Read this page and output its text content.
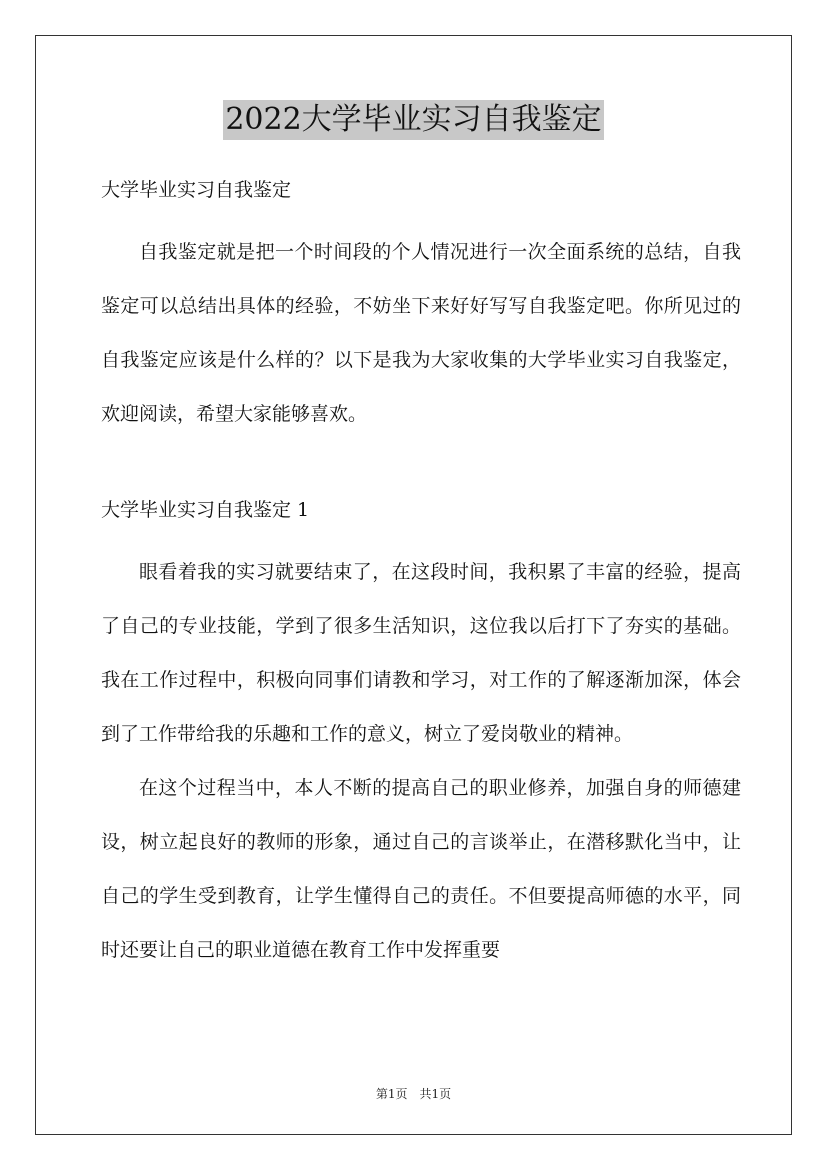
2022大学毕业实习自我鉴定

大学毕业实习自我鉴定

自我鉴定就是把一个时间段的个人情况进行一次全面系统的总结，自我鉴定可以总结出具体的经验，不妨坐下来好好写写自我鉴定吧。你所见过的自我鉴定应该是什么样的？以下是我为大家收集的大学毕业实习自我鉴定，欢迎阅读，希望大家能够喜欢。

大学毕业实习自我鉴定 1

眼看着我的实习就要结束了，在这段时间，我积累了丰富的经验，提高了自己的专业技能，学到了很多生活知识，这位我以后打下了夯实的基础。我在工作过程中，积极向同事们请教和学习，对工作的了解逐渐加深，体会到了工作带给我的乐趣和工作的意义，树立了爱岗敬业的精神。

在这个过程当中，本人不断的提高自己的职业修养，加强自身的师德建设，树立起良好的教师的形象，通过自己的言谈举止，在潜移默化当中，让自己的学生受到教育，让学生懂得自己的责任。不但要提高师德的水平，同时还要让自己的职业道德在教育工作中发挥重要

第1页　共1页
